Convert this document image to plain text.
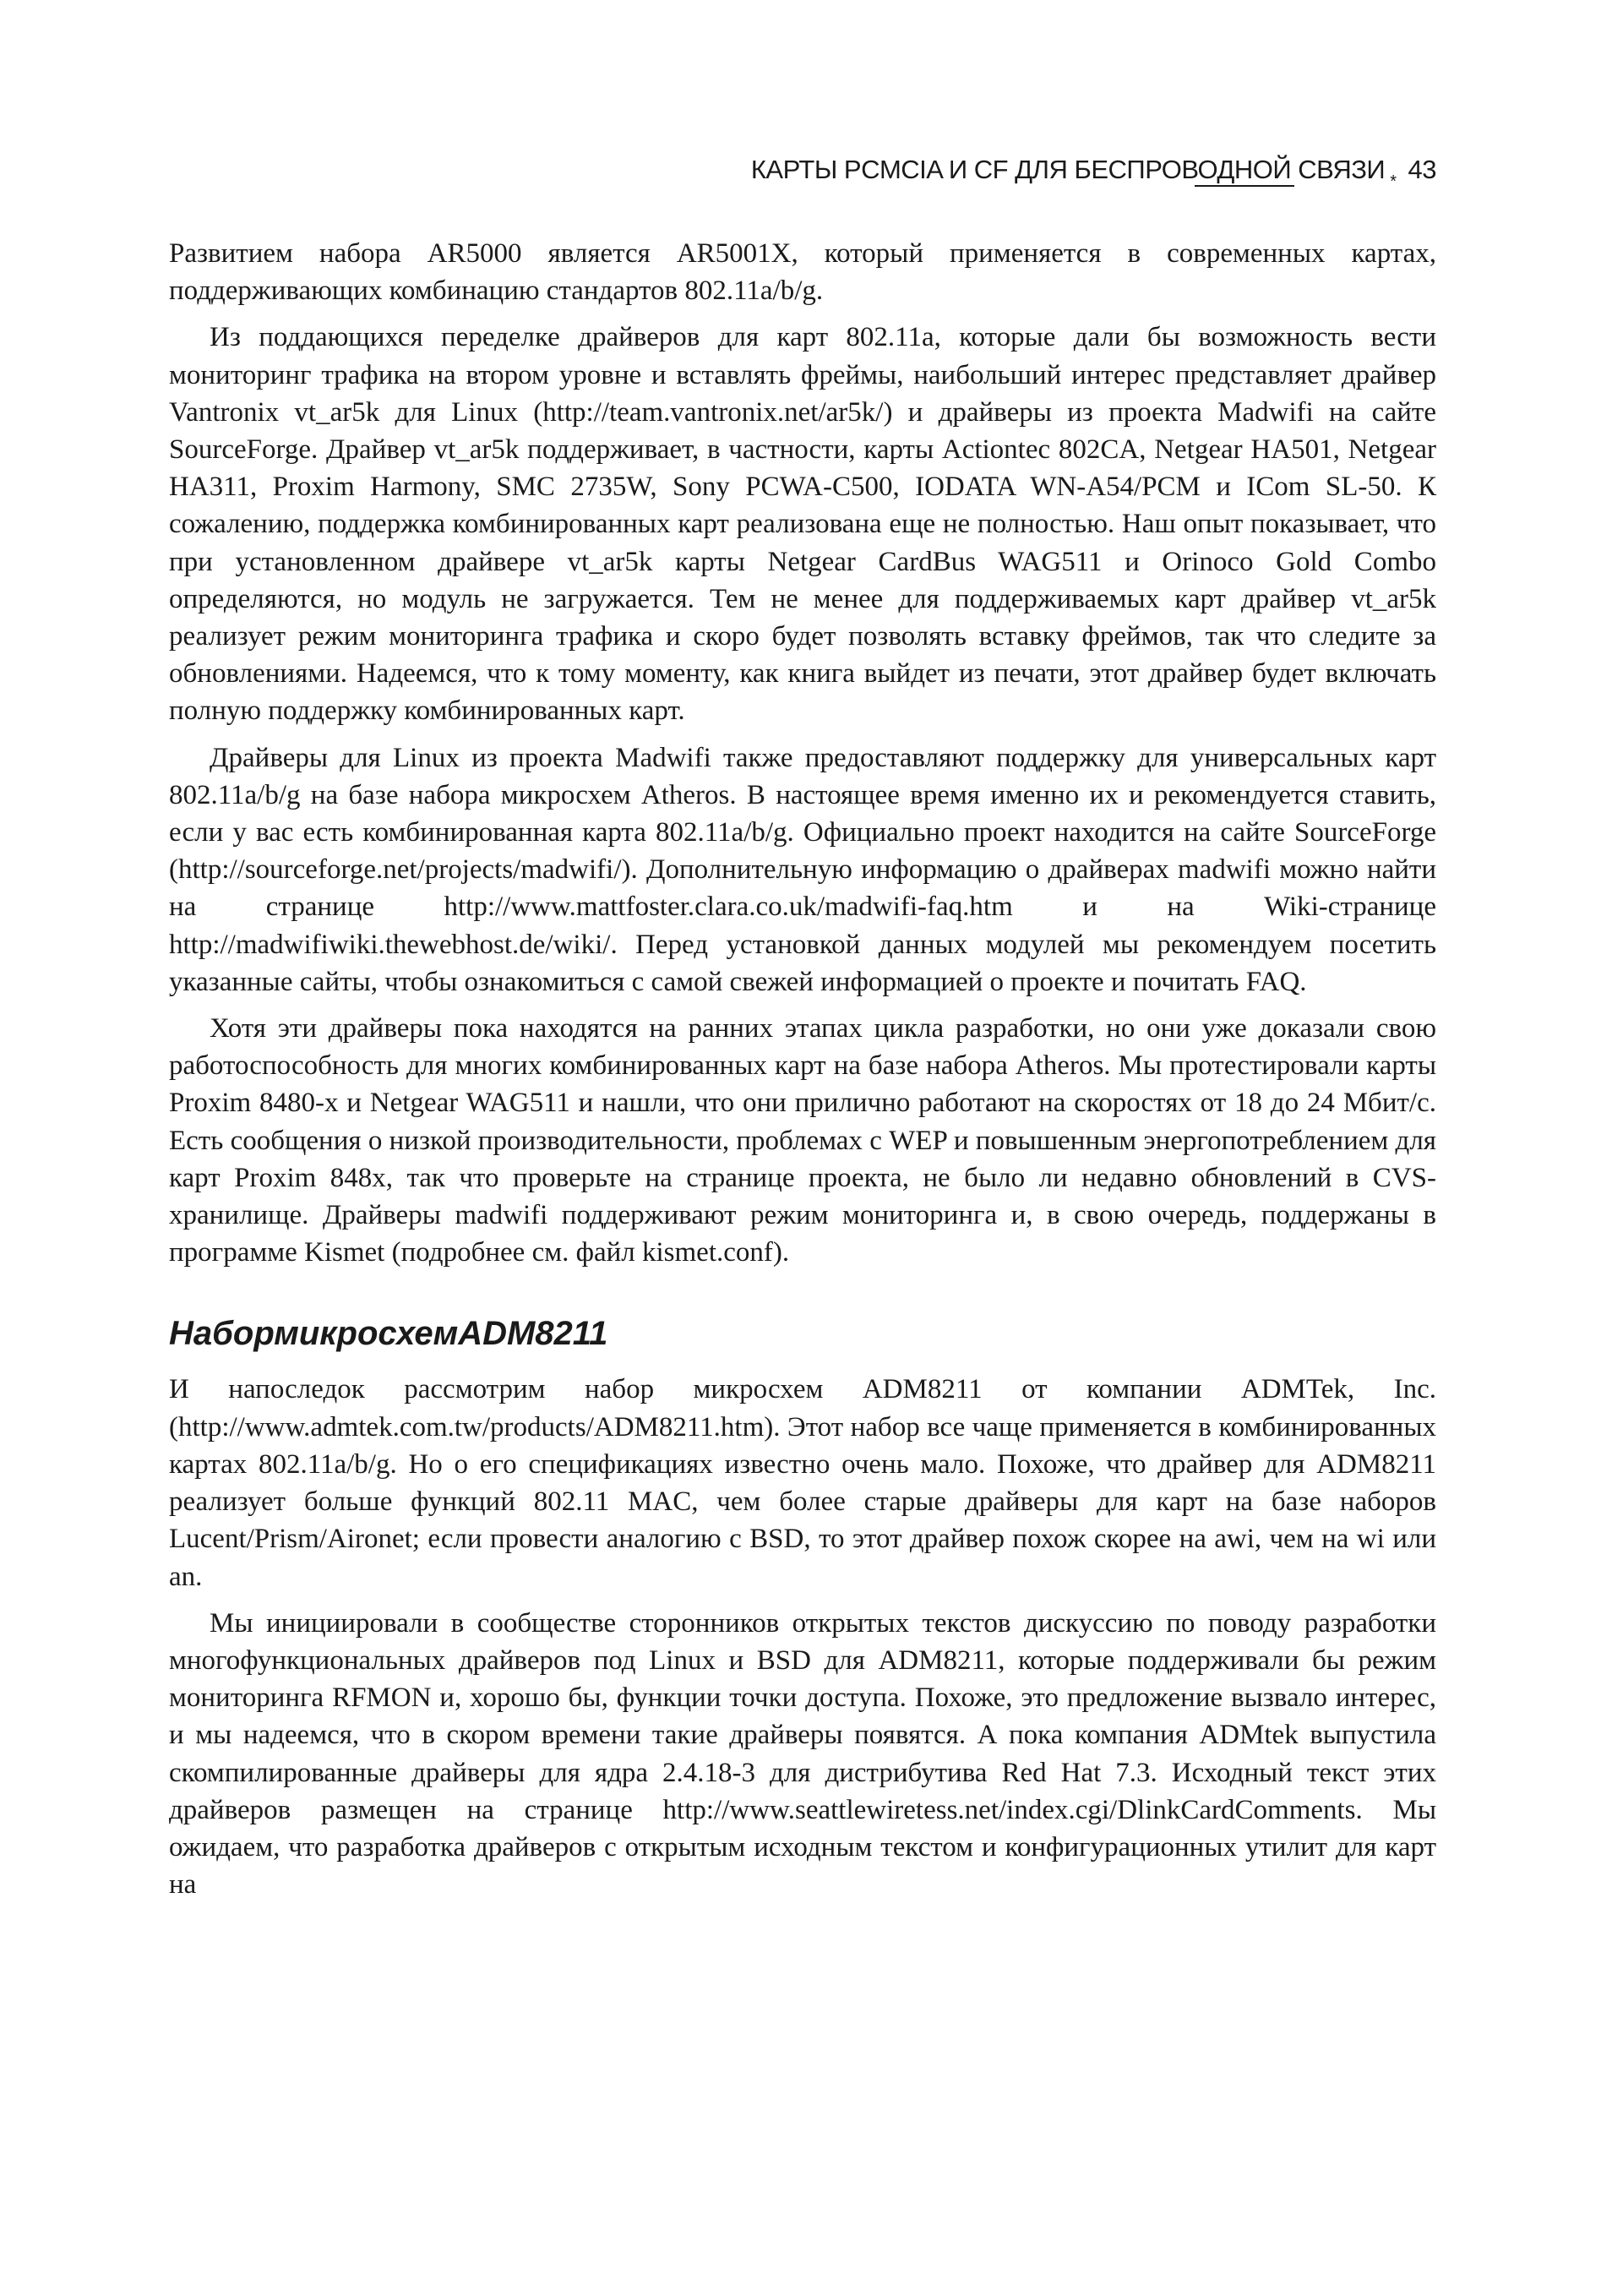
КАРТЫ PCMCIA И CF ДЛЯ БЕСПРОВОДНОЙ СВЯЗИ * 43

Развитием набора AR5000 является AR5001X, который применяется в современных картах, поддерживающих комбинацию стандартов 802.11a/b/g.

Из поддающихся переделке драйверов для карт 802.11a, которые дали бы возможность вести мониторинг трафика на втором уровне и вставлять фреймы, наибольший интерес представляет драйвер Vantronix vt_ar5k для Linux (http://team.vantronix.net/ar5k/) и драйверы из проекта Madwifi на сайте SourceForge. Драйвер vt_ar5k поддерживает, в частности, карты Actiontec 802CA, Netgear HA501, Netgear HA311, Proxim Harmony, SMC 2735W, Sony PCWA-C500, IODATA WN-A54/PCM и ICom SL-50. К сожалению, поддержка комбинированных карт реализована еще не полностью. Наш опыт показывает, что при установленном драйвере vt_ar5k карты Netgear CardBus WAG511 и Orinoco Gold Combo определяются, но модуль не загружается. Тем не менее для поддерживаемых карт драйвер vt_ar5k реализует режим мониторинга трафика и скоро будет позволять вставку фреймов, так что следите за обновлениями. Надеемся, что к тому моменту, как книга выйдет из печати, этот драйвер будет включать полную поддержку комбинированных карт.

Драйверы для Linux из проекта Madwifi также предоставляют поддержку для универсальных карт 802.11a/b/g на базе набора микросхем Atheros. В настоящее время именно их и рекомендуется ставить, если у вас есть комбинированная карта 802.11a/b/g. Официально проект находится на сайте SourceForge (http://sourceforge.net/projects/madwifi/). Дополнительную информацию о драйверах madwifi можно найти на странице http://www.mattfoster.clara.co.uk/madwifi-faq.htm и на Wiki-странице http://madwifiwiki.thewebhost.de/wiki/. Перед установкой данных модулей мы рекомендуем посетить указанные сайты, чтобы ознакомиться с самой свежей информацией о проекте и почитать FAQ.

Хотя эти драйверы пока находятся на ранних этапах цикла разработки, но они уже доказали свою работоспособность для многих комбинированных карт на базе набора Atheros. Мы протестировали карты Proxim 8480-x и Netgear WAG511 и нашли, что они прилично работают на скоростях от 18 до 24 Мбит/с. Есть сообщения о низкой производительности, проблемах с WEP и повышенным энергопотреблением для карт Proxim 848x, так что проверьте на странице проекта, не было ли недавно обновлений в CVS-хранилище. Драйверы madwifi поддерживают режим мониторинга и, в свою очередь, поддержаны в программе Kismet (подробнее см. файл kismet.conf).

НабормикросхемADM8211

И напоследок рассмотрим набор микросхем ADM8211 от компании ADMTek, Inc. (http://www.admtek.com.tw/products/ADM8211.htm). Этот набор все чаще применяется в комбинированных картах 802.11a/b/g. Но о его спецификациях известно очень мало. Похоже, что драйвер для ADM8211 реализует больше функций 802.11 MAC, чем более старые драйверы для карт на базе наборов Lucent/Prism/Aironet; если провести аналогию с BSD, то этот драйвер похож скорее на awi, чем на wi или an.

Мы инициировали в сообществе сторонников открытых текстов дискуссию по поводу разработки многофункциональных драйверов под Linux и BSD для ADM8211, которые поддерживали бы режим мониторинга RFMON и, хорошо бы, функции точки доступа. Похоже, это предложение вызвало интерес, и мы надеемся, что в скором времени такие драйверы появятся. А пока компания ADMtek выпустила скомпилированные драйверы для ядра 2.4.18-3 для дистрибутива Red Hat 7.3. Исходный текст этих драйверов размещен на странице http://www.seattlewiretess.net/index.cgi/DlinkCardComments. Мы ожидаем, что разработка драйверов с открытым исходным текстом и конфигурационных утилит для карт на
